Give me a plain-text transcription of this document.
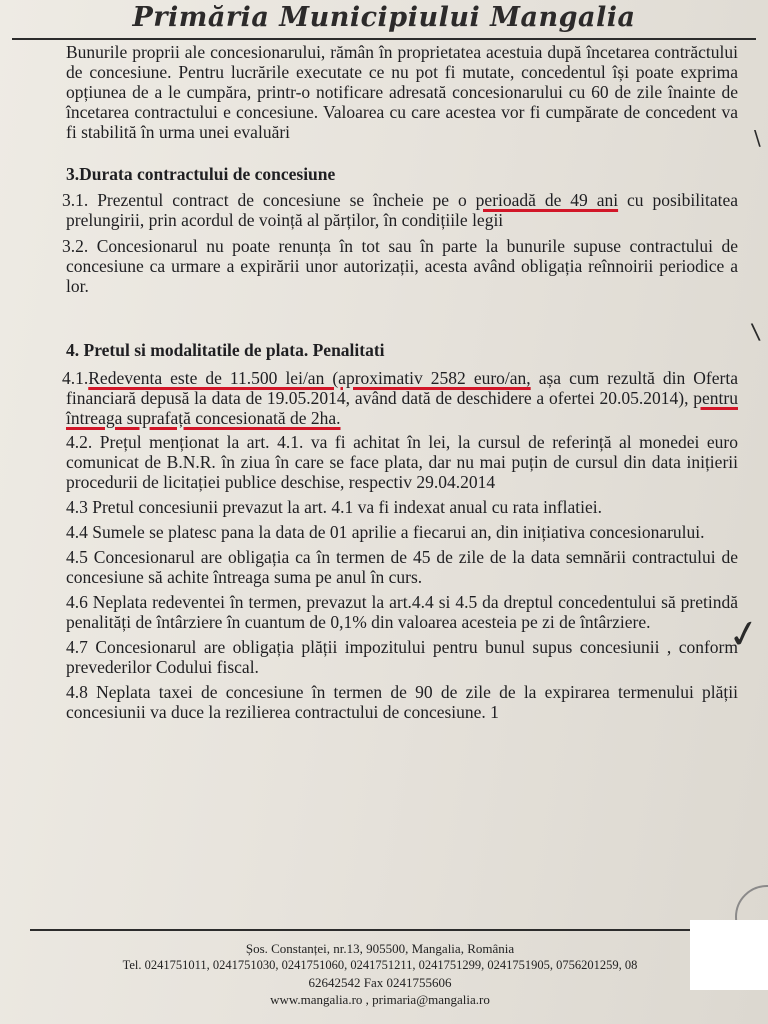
Primăria Municipiului Mangalia

Bunurile proprii ale concesionarului, rămân în proprietatea acestuia după încetarea contrăctului de concesiune. Pentru lucrările executate ce nu pot fi mutate, concedentul își poate exprima opțiunea de a le cumpăra, printr-o notificare adresată concesionarului cu 60 de zile înainte de încetarea contractului e concesiune. Valoarea cu care acestea vor fi cumpărate de concedent va fi stabilită în urma unei evaluări

3.Durata contractului de concesiune

3.1. Prezentul contract de concesiune se încheie pe o perioadă de 49 ani cu posibilitatea prelungirii, prin acordul de voință al părților, în condițiile legii

3.2. Concesionarul nu poate renunța în tot sau în parte la bunurile supuse contractului de concesiune ca urmare a expirării unor autorizații, acesta având obligația reînnoirii periodice a lor.

4. Pretul si modalitatile de plata. Penalitati

4.1.Redeventa este de 11.500 lei/an (aproximativ 2582 euro/an, așa cum rezultă din Oferta financiară depusă la data de 19.05.2014, având dată de deschidere a ofertei 20.05.2014), pentru întreaga suprafață concesionată de 2ha.

4.2. Prețul menționat la art. 4.1. va fi achitat în lei, la cursul de referință al monedei euro comunicat de B.N.R. în ziua în care se face plata, dar nu mai puțin de cursul din data inițierii procedurii de licitației publice deschise, respectiv 29.04.2014

4.3 Pretul concesiunii prevazut la art. 4.1 va fi indexat anual cu rata inflatiei.

4.4 Sumele se platesc pana la data de 01 aprilie a fiecarui an, din inițiativa concesionarului.

4.5 Concesionarul are obligația ca în termen de 45 de zile de la data semnării contractului de concesiune să achite întreaga suma pe anul în curs.

4.6 Neplata redeventei în termen, prevazut la art.4.4 si 4.5 da dreptul concedentului să pretindă penalități de întârziere în cuantum de 0,1% din valoarea acesteia pe zi de întârziere.

4.7 Concesionarul are obligația plății impozitului pentru bunul supus concesiunii , conform prevederilor Codului fiscal.

4.8 Neplata taxei de concesiune în termen de 90 de zile de la expirarea termenului plății concesiunii va duce la rezilierea contractului de concesiune. 1

\
\
✓
Șos. Constanței, nr.13, 905500, Mangalia, România
Tel. 0241751011, 0241751030, 0241751060, 0241751211, 0241751299, 0241751905, 0756201259, 08
62642542 Fax 0241755606
www.mangalia.ro , primaria@mangalia.ro
